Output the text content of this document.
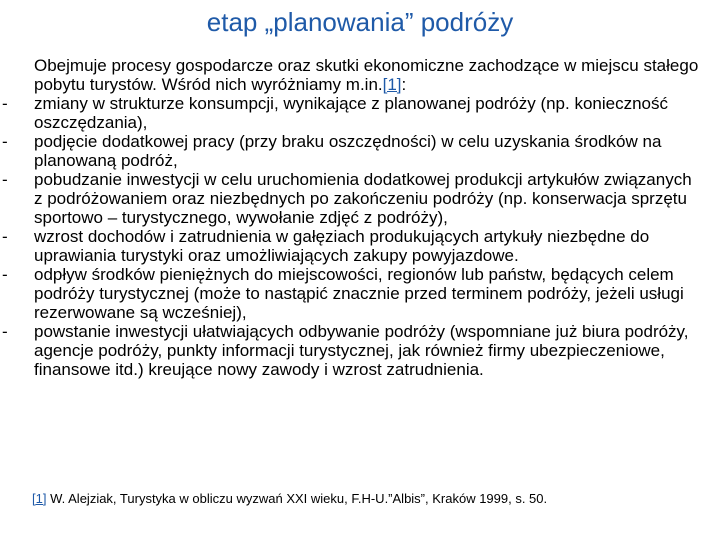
etap „planowania” podróży

Obejmuje procesy gospodarcze oraz skutki ekonomiczne zachodzące w miejscu stałego pobytu turystów. Wśród nich wyróżniamy m.in.[1]:

-	zmiany w strukturze konsumpcji, wynikające z planowanej podróży (np. konieczność oszczędzania),

-	podjęcie dodatkowej pracy (przy braku oszczędności) w celu uzyskania środków na planowaną podróż,

-	pobudzanie inwestycji w celu uruchomienia dodatkowej produkcji artykułów związanych z podróżowaniem oraz niezbędnych po zakończeniu podróży (np. konserwacja sprzętu sportowo – turystycznego, wywołanie zdjęć z podróży),

-	wzrost dochodów i zatrudnienia w gałęziach produkujących artykuły niezbędne do uprawiania turystyki oraz umożliwiających zakupy powyjazdowe.

-	odpływ środków pieniężnych do miejscowości, regionów lub państw, będących celem podróży turystycznej (może to nastąpić znacznie przed terminem podróży, jeżeli usługi rezerwowane są wcześniej),

-	powstanie inwestycji ułatwiających odbywanie podróży (wspomniane już biura podróży, agencje podróży, punkty informacji turystycznej, jak również firmy ubezpieczeniowe, finansowe itd.) kreujące nowy zawody i wzrost zatrudnienia.

[1] W. Alejziak, Turystyka w obliczu wyzwań XXI wieku, F.H-U.”Albis”, Kraków 1999, s. 50.
